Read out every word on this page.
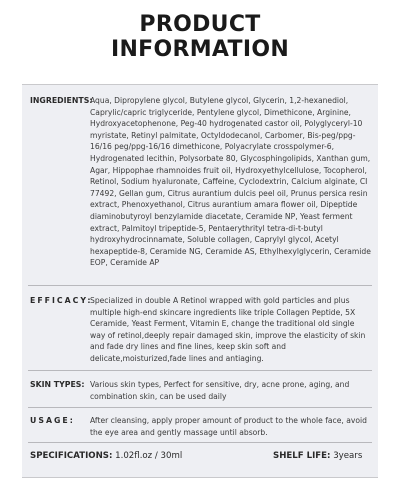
PRODUCT
INFORMATION
INGREDIENTS:
Aqua, Dipropylene glycol, Butylene glycol, Glycerin, 1,2-hexanediol, Caprylic/capric triglyceride, Pentylene glycol, Dimethicone, Arginine, Hydroxyacetophenone, Peg-40 hydrogenated castor oil, Polyglyceryl-10 myristate, Retinyl palmitate, Octyldodecanol, Carbomer, Bis-peg/ppg-16/16 peg/ppg-16/16 dimethicone, Polyacrylate crosspolymer-6, Hydrogenated lecithin, Polysorbate 80, Glycosphingolipids, Xanthan gum, Agar, Hippophae rhamnoides fruit oil, Hydroxyethylcellulose, Tocopherol, Retinol, Sodium hyaluronate, Caffeine, Cyclodextrin, Calcium alginate, CI 77492, Gellan gum, Citrus aurantium dulcis peel oil, Prunus persica resin extract, Phenoxyethanol, Citrus aurantium amara flower oil, Dipeptide diaminobutyroyl benzylamide diacetate, Ceramide NP, Yeast ferment extract, Palmitoyl tripeptide-5, Pentaerythrityl tetra-di-t-butyl hydroxyhydrocinnamate, Soluble collagen, Caprylyl glycol, Acetyl hexapeptide-8, Ceramide NG, Ceramide AS, Ethylhexylglycerin, Ceramide EOP, Ceramide AP
EFFICACY:
Specialized in double A Retinol wrapped with gold particles and plus multiple high-end skincare ingredients like triple Collagen Peptide, 5X Ceramide, Yeast Ferment, Vitamin E, change the traditional old single way of retinol,deeply repair damaged skin, improve the elasticity of skin and fade dry lines and fine lines, keep skin soft and delicate,moisturized,fade lines and antiaging.
SKIN TYPES: Various skin types, Perfect for sensitive, dry, acne prone, aging, and combination skin, can be used daily
USAGE: After cleansing, apply proper amount of product to the whole face, avoid the eye area and gently massage until absorb.
SPECIFICATIONS: 1.02fl.oz / 30ml	SHELF LIFE: 3years
